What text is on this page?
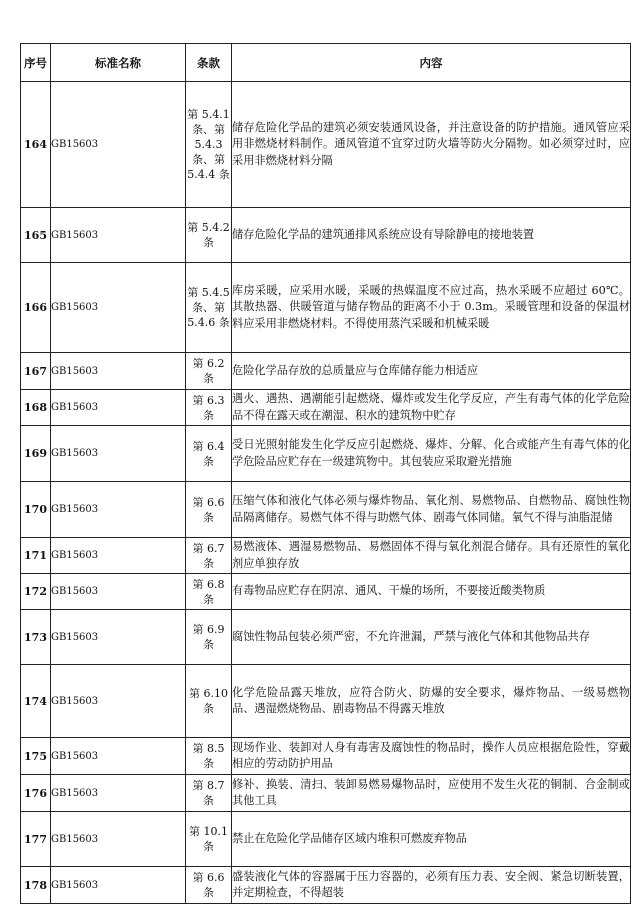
序号	标准名称	条款	内容
164	GB15603	第 5.4.1 条、第 5.4.3 条、第 5.4.4 条	储存危险化学品的建筑必须安装通风设备，并注意设备的防护措施。通风管应采用非燃烧材料制作。通风管道不宜穿过防火墙等防火分隔物。如必须穿过时，应采用非燃烧材料分隔
165	GB15603	第 5.4.2 条	储存危险化学品的建筑通排风系统应设有导除静电的接地装置
166	GB15603	第 5.4.5 条、第 5.4.6 条	库房采暖，应采用水暖，采暖的热媒温度不应过高，热水采暖不应超过 60℃。其散热器、供暖管道与储存物品的距离不小于 0.3m。采暖管理和设备的保温材料应采用非燃烧材料。不得使用蒸汽采暖和机械采暖
167	GB15603	第 6.2 条	危险化学品存放的总质量应与仓库储存能力相适应
168	GB15603	第 6.3 条	遇火、遇热、遇潮能引起燃烧、爆炸或发生化学反应，产生有毒气体的化学危险品不得在露天或在潮湿、积水的建筑物中贮存
169	GB15603	第 6.4 条	受日光照射能发生化学反应引起燃烧、爆炸、分解、化合或能产生有毒气体的化学危险品应贮存在一级建筑物中。其包装应采取避光措施
170	GB15603	第 6.6 条	压缩气体和液化气体必须与爆炸物品、氧化剂、易燃物品、自燃物品、腐蚀性物品隔离储存。易燃气体不得与助燃气体、剧毒气体同储。氧气不得与油脂混储
171	GB15603	第 6.7 条	易燃液体、遇湿易燃物品、易燃固体不得与氧化剂混合储存。具有还原性的氧化剂应单独存放
172	GB15603	第 6.8 条	有毒物品应贮存在阴凉、通风、干燥的场所，不要接近酸类物质
173	GB15603	第 6.9 条	腐蚀性物品包装必须严密，不允许泄漏，严禁与液化气体和其他物品共存
174	GB15603	第 6.10 条	化学危险品露天堆放，应符合防火、防爆的安全要求，爆炸物品、一级易燃物品、遇湿燃烧物品、剧毒物品不得露天堆放
175	GB15603	第 8.5 条	现场作业、装卸对人身有毒害及腐蚀性的物品时，操作人员应根据危险性，穿戴相应的劳动防护用品
176	GB15603	第 8.7 条	修补、换装、清扫、装卸易燃易爆物品时，应使用不发生火花的铜制、合金制或其他工具
177	GB15603	第 10.1 条	禁止在危险化学品储存区域内堆积可燃废弃物品
178	GB15603	第 6.6 条	盛装液化气体的容器属于压力容器的，必须有压力表、安全阀、紧急切断装置，并定期检查，不得超装
